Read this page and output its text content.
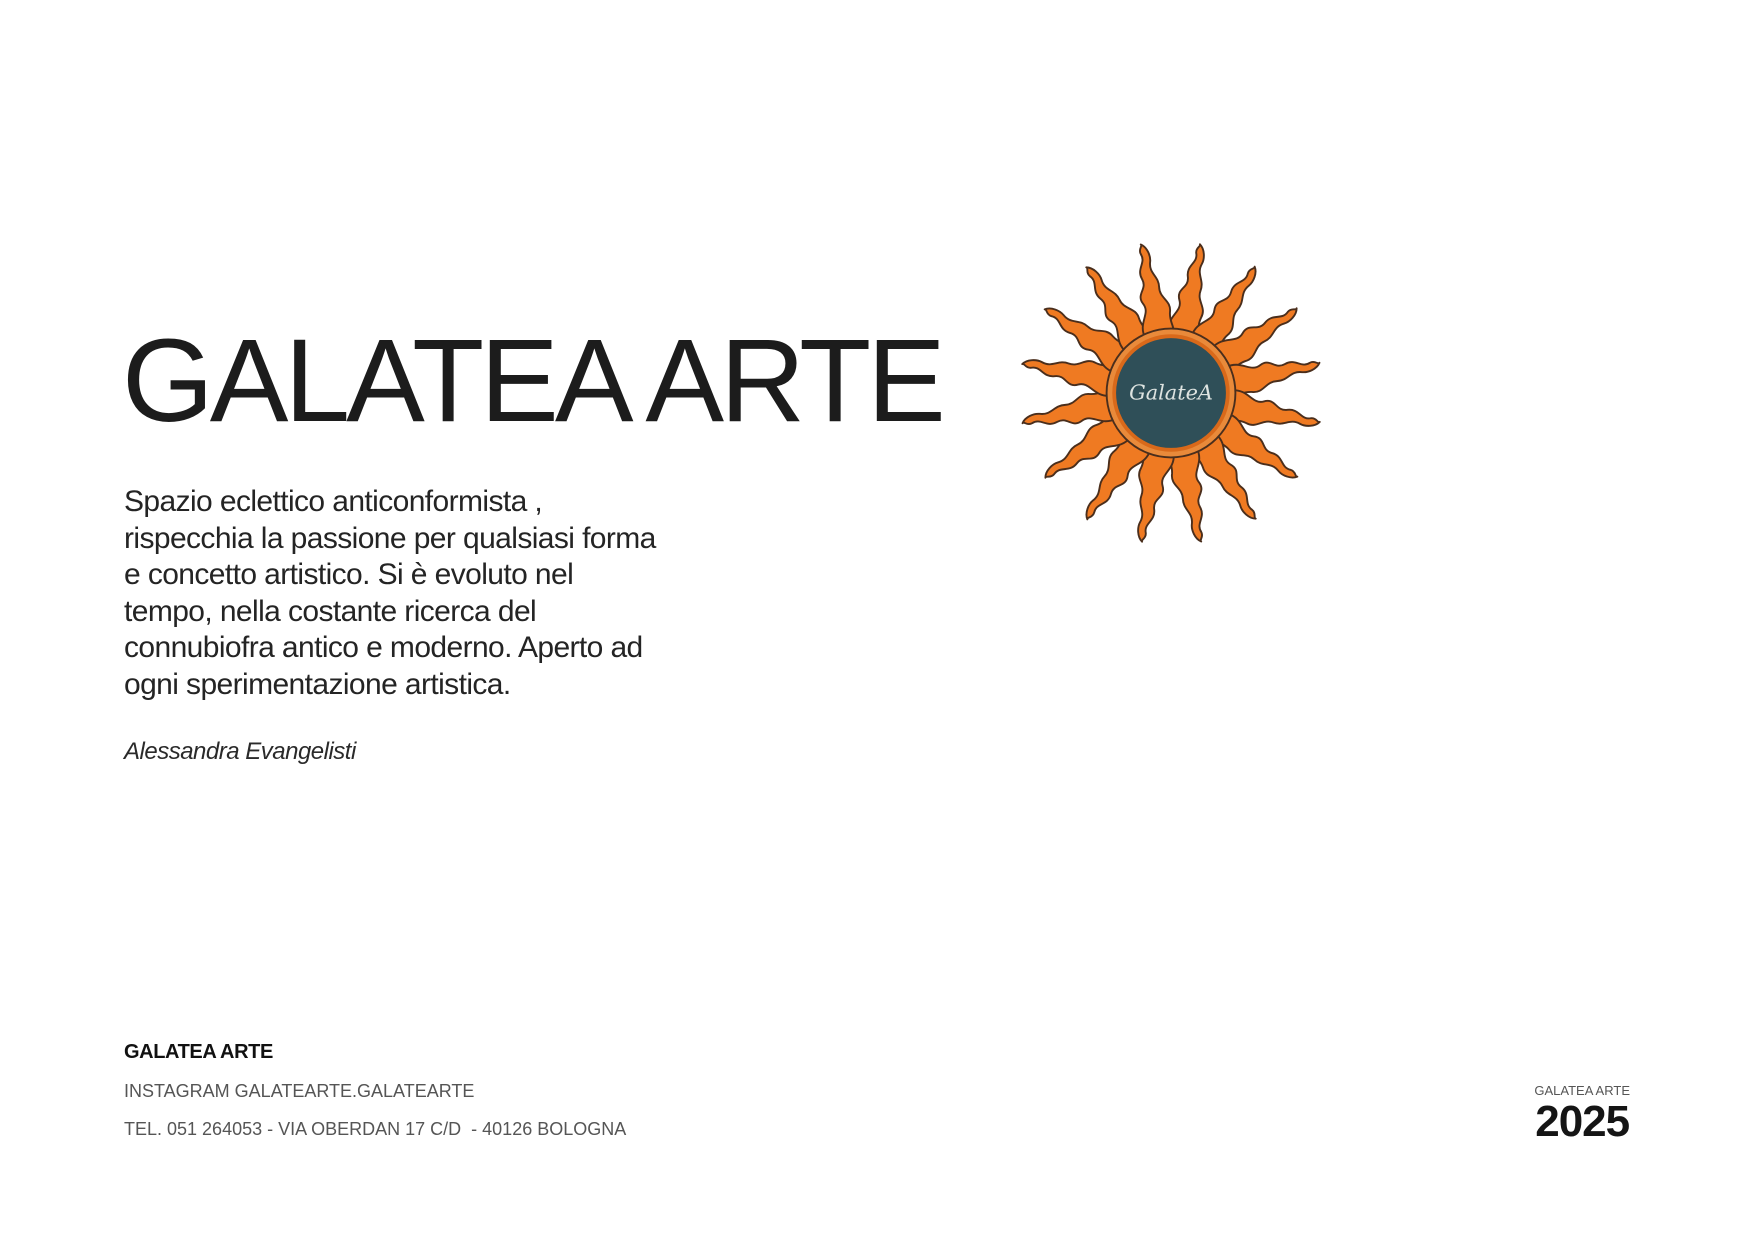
GALATEA ARTE	GalateA

Spazio eclettico anticonformista ,
rispecchia la passione per qualsiasi forma
e concetto artistico. Si è evoluto nel
tempo, nella costante ricerca del
connubiofra antico e moderno. Aperto ad
ogni sperimentazione artistica.

Alessandra Evangelisti
GALATEA ARTE
INSTAGRAM GALATEARTE.GALATEARTE
TEL. 051 264053 - VIA OBERDAN 17 C/D  - 40126 BOLOGNA
GALATEA ARTE
2025
